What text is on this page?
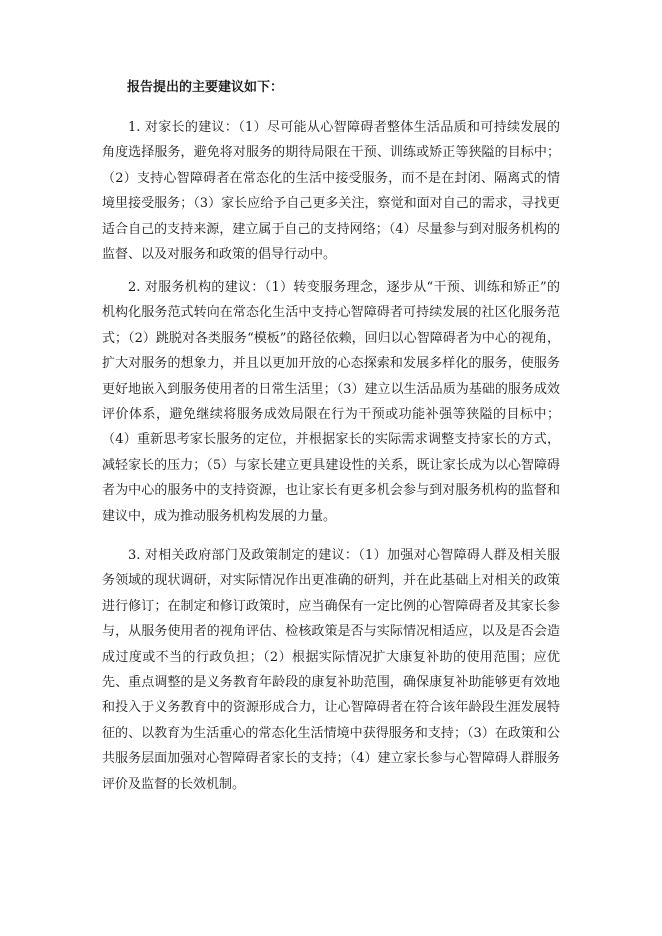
报告提出的主要建议如下：

1. 对家长的建议：（1）尽可能从心智障碍者整体生活品质和可持续发展的角度选择服务，避免将对服务的期待局限在干预、训练或矫正等狭隘的目标中；（2）支持心智障碍者在常态化的生活中接受服务，而不是在封闭、隔离式的情境里接受服务；（3）家长应给予自己更多关注，察觉和面对自己的需求，寻找更适合自己的支持来源，建立属于自己的支持网络；（4）尽量参与到对服务机构的监督、以及对服务和政策的倡导行动中。

2. 对服务机构的建议：（1）转变服务理念，逐步从“干预、训练和矫正”的机构化服务范式转向在常态化生活中支持心智障碍者可持续发展的社区化服务范式；（2）跳脱对各类服务“模板”的路径依赖，回归以心智障碍者为中心的视角，扩大对服务的想象力，并且以更加开放的心态探索和发展多样化的服务，使服务更好地嵌入到服务使用者的日常生活里；（3）建立以生活品质为基础的服务成效评价体系，避免继续将服务成效局限在行为干预或功能补强等狭隘的目标中；（4）重新思考家长服务的定位，并根据家长的实际需求调整支持家长的方式，减轻家长的压力；（5）与家长建立更具建设性的关系，既让家长成为以心智障碍者为中心的服务中的支持资源，也让家长有更多机会参与到对服务机构的监督和建议中，成为推动服务机构发展的力量。

3. 对相关政府部门及政策制定的建议：（1）加强对心智障碍人群及相关服务领域的现状调研，对实际情况作出更准确的研判，并在此基础上对相关的政策进行修订；在制定和修订政策时，应当确保有一定比例的心智障碍者及其家长参与，从服务使用者的视角评估、检核政策是否与实际情况相适应，以及是否会造成过度或不当的行政负担；（2）根据实际情况扩大康复补助的使用范围；应优先、重点调整的是义务教育年龄段的康复补助范围，确保康复补助能够更有效地和投入于义务教育中的资源形成合力，让心智障碍者在符合该年龄段生涯发展特征的、以教育为生活重心的常态化生活情境中获得服务和支持；（3）在政策和公共服务层面加强对心智障碍者家长的支持；（4）建立家长参与心智障碍人群服务评价及监督的长效机制。
